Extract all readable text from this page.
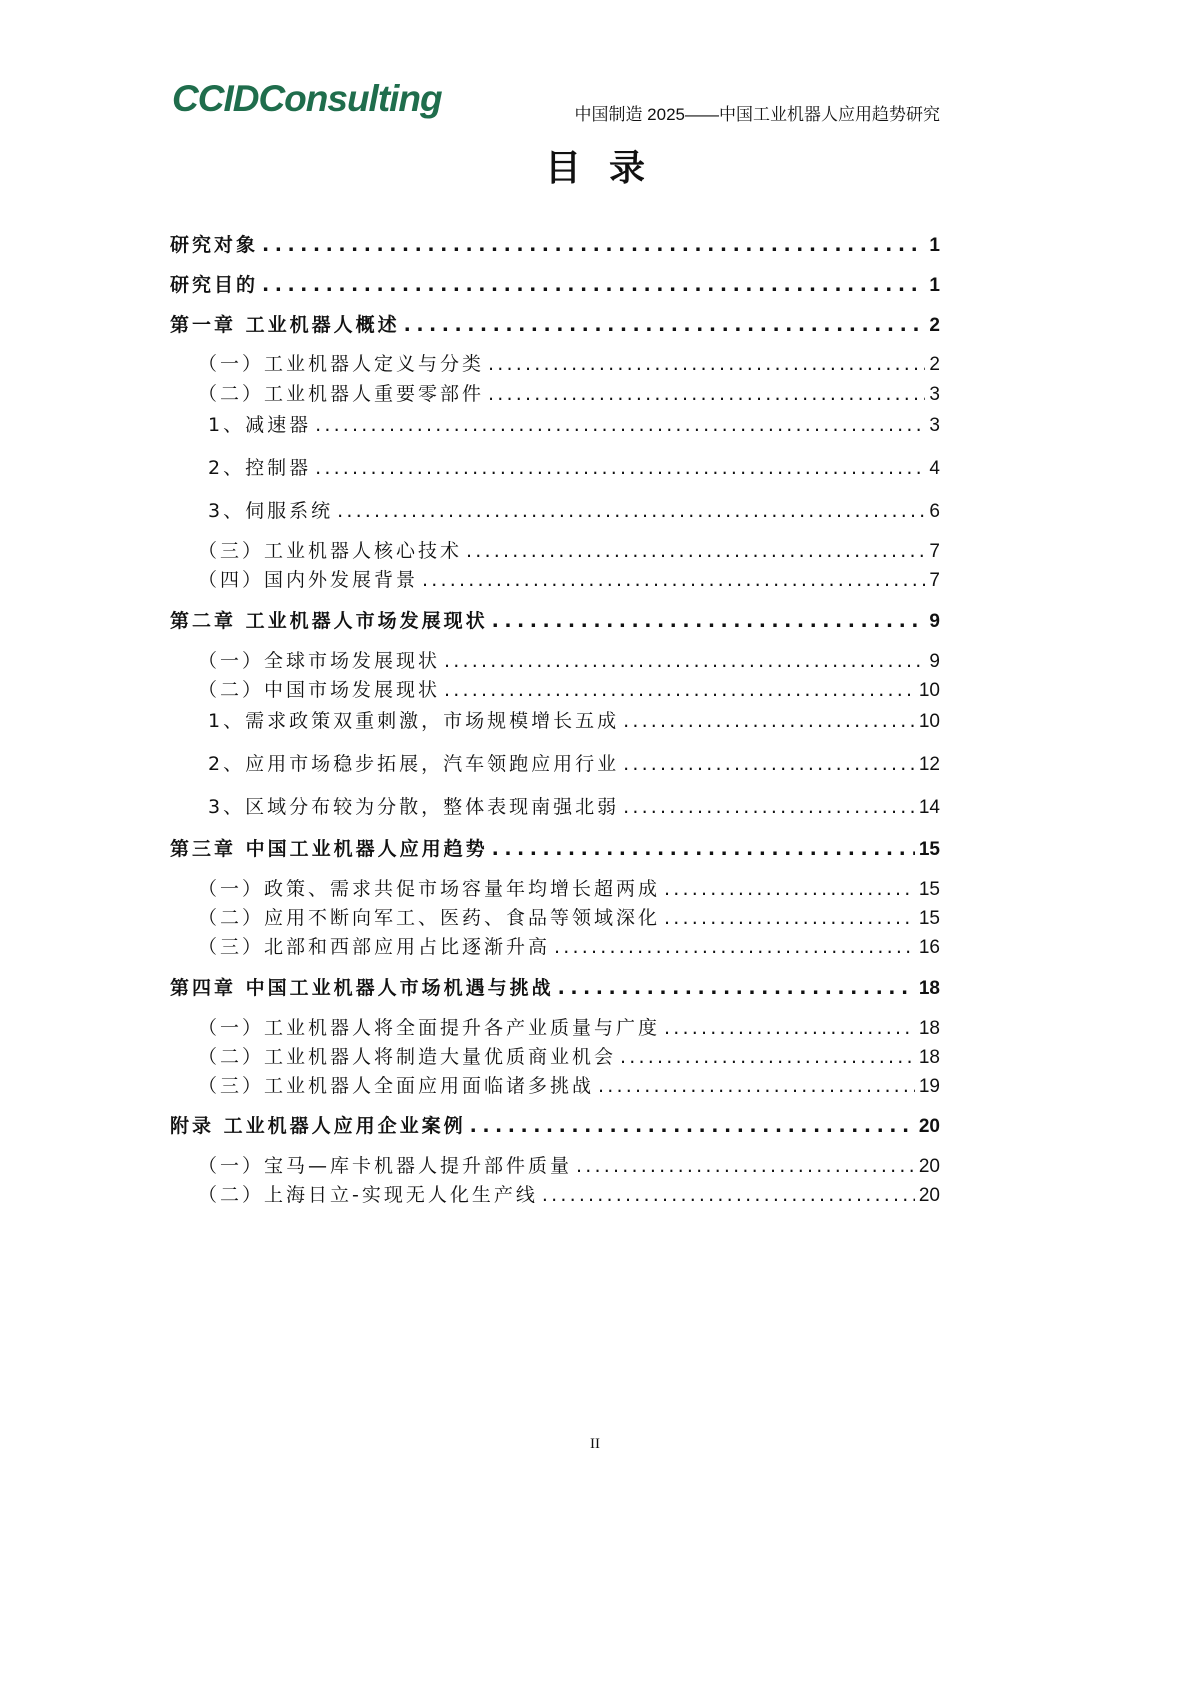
CCIDConsulting	中国制造 2025——中国工业机器人应用趋势研究
目录
研究对象 .....	1
研究目的 .....	1
第一章 工业机器人概述 .....	2
（一）工业机器人定义与分类 .....	2
（二）工业机器人重要零部件 .....	3
1、减速器 .....	3
2、控制器 .....	4
3、伺服系统 .....	6
（三）工业机器人核心技术 .....	7
（四）国内外发展背景 .....	7
第二章 工业机器人市场发展现状 .....	9
（一）全球市场发展现状 .....	9
（二）中国市场发展现状 .....	10
1、需求政策双重刺激，市场规模增长五成 .....	10
2、应用市场稳步拓展，汽车领跑应用行业 .....	12
3、区域分布较为分散，整体表现南强北弱 .....	14
第三章 中国工业机器人应用趋势 .....	15
（一）政策、需求共促市场容量年均增长超两成 .....	15
（二）应用不断向军工、医药、食品等领域深化 .....	15
（三）北部和西部应用占比逐渐升高 .....	16
第四章 中国工业机器人市场机遇与挑战 .....	18
（一）工业机器人将全面提升各产业质量与广度 .....	18
（二）工业机器人将制造大量优质商业机会 .....	18
（三）工业机器人全面应用面临诸多挑战 .....	19
附录 工业机器人应用企业案例 .....	20
（一）宝马—库卡机器人提升部件质量 .....	20
（二）上海日立-实现无人化生产线 .....	20
II
